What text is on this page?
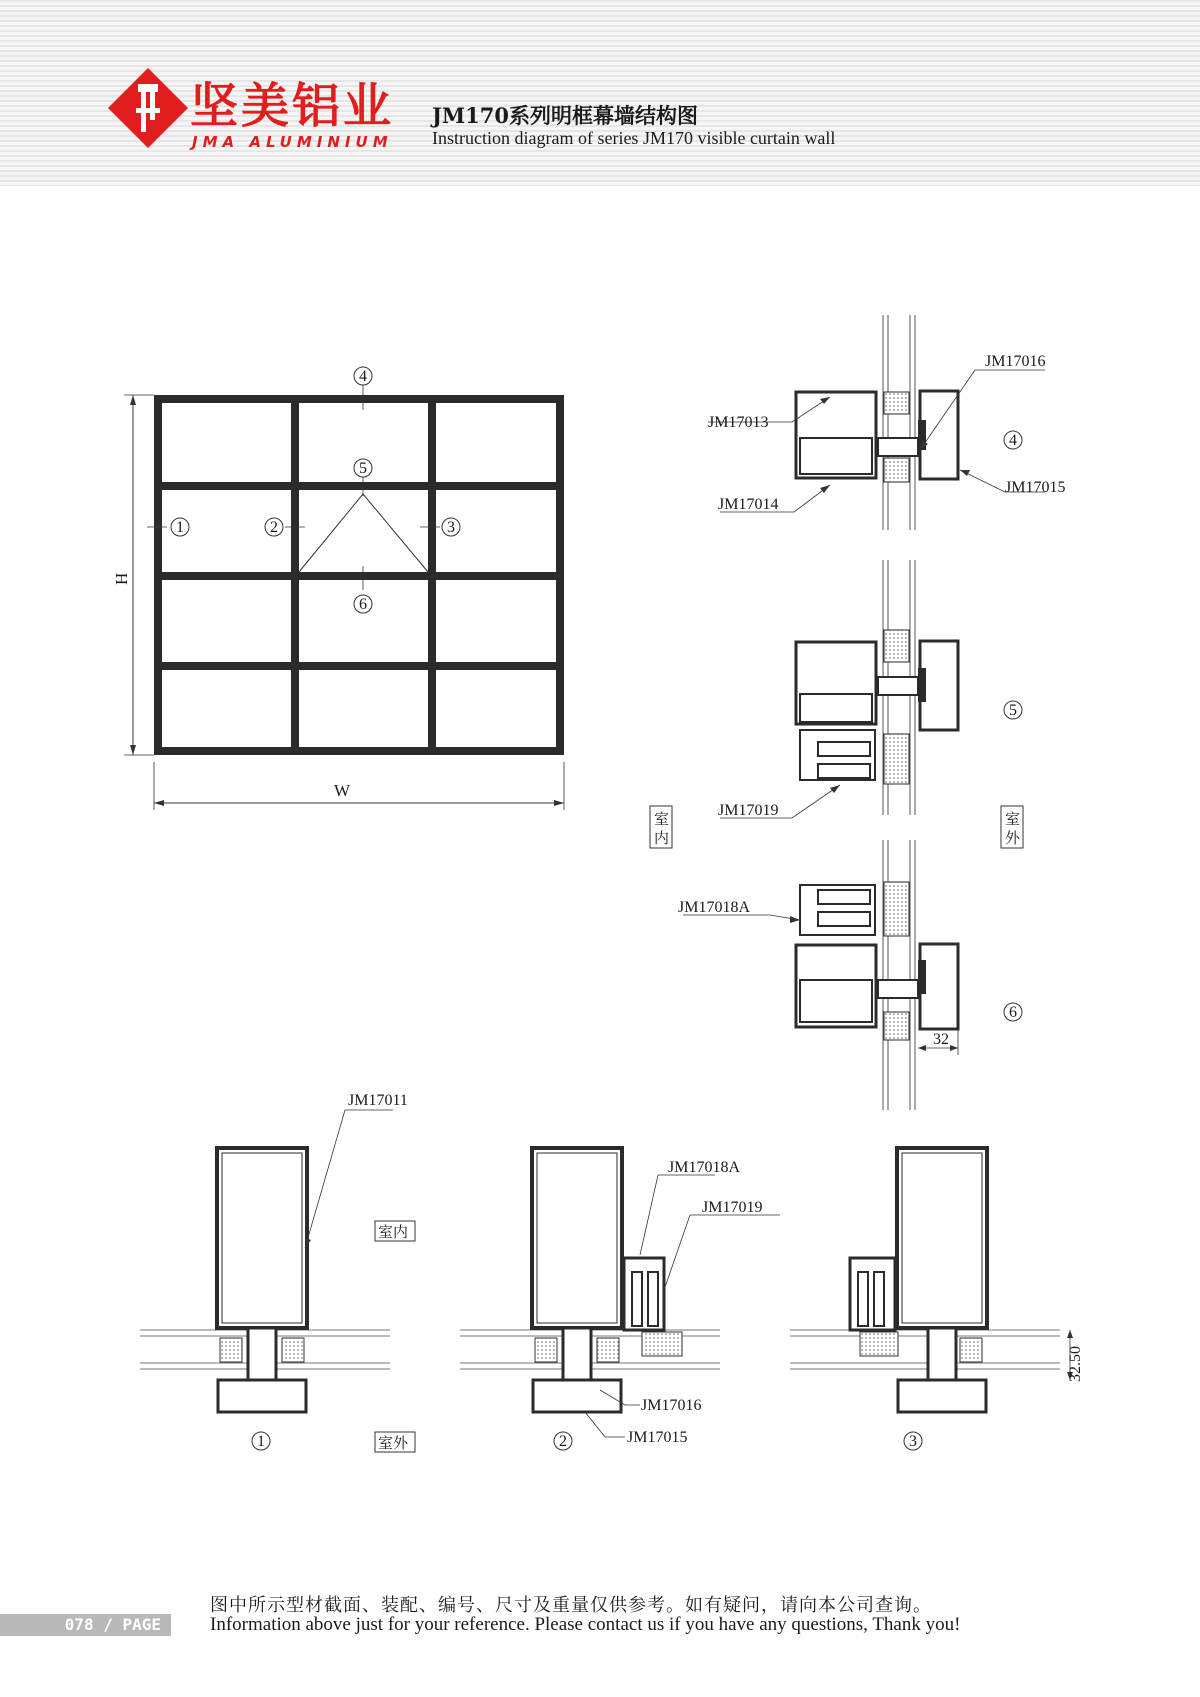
坚美铝业
JMA ALUMINIUM
JM170系列明框幕墙结构图
Instruction diagram of series JM170 visible curtain wall
H
W
1	2	3
4
5
6
32
JM17013
JM17014
JM17016
JM17015
JM17019
JM17018A
4
5
6
室
内
室
外
JM17011
1
室内
室外
JM17018A
JM17019
JM17016
JM17015
2
32.50
3
图中所示型材截面、装配、编号、尺寸及重量仅供参考。如有疑问，请向本公司查询。
078 / PAGE	Information above just for your reference. Please contact us if you have any questions, Thank you!
